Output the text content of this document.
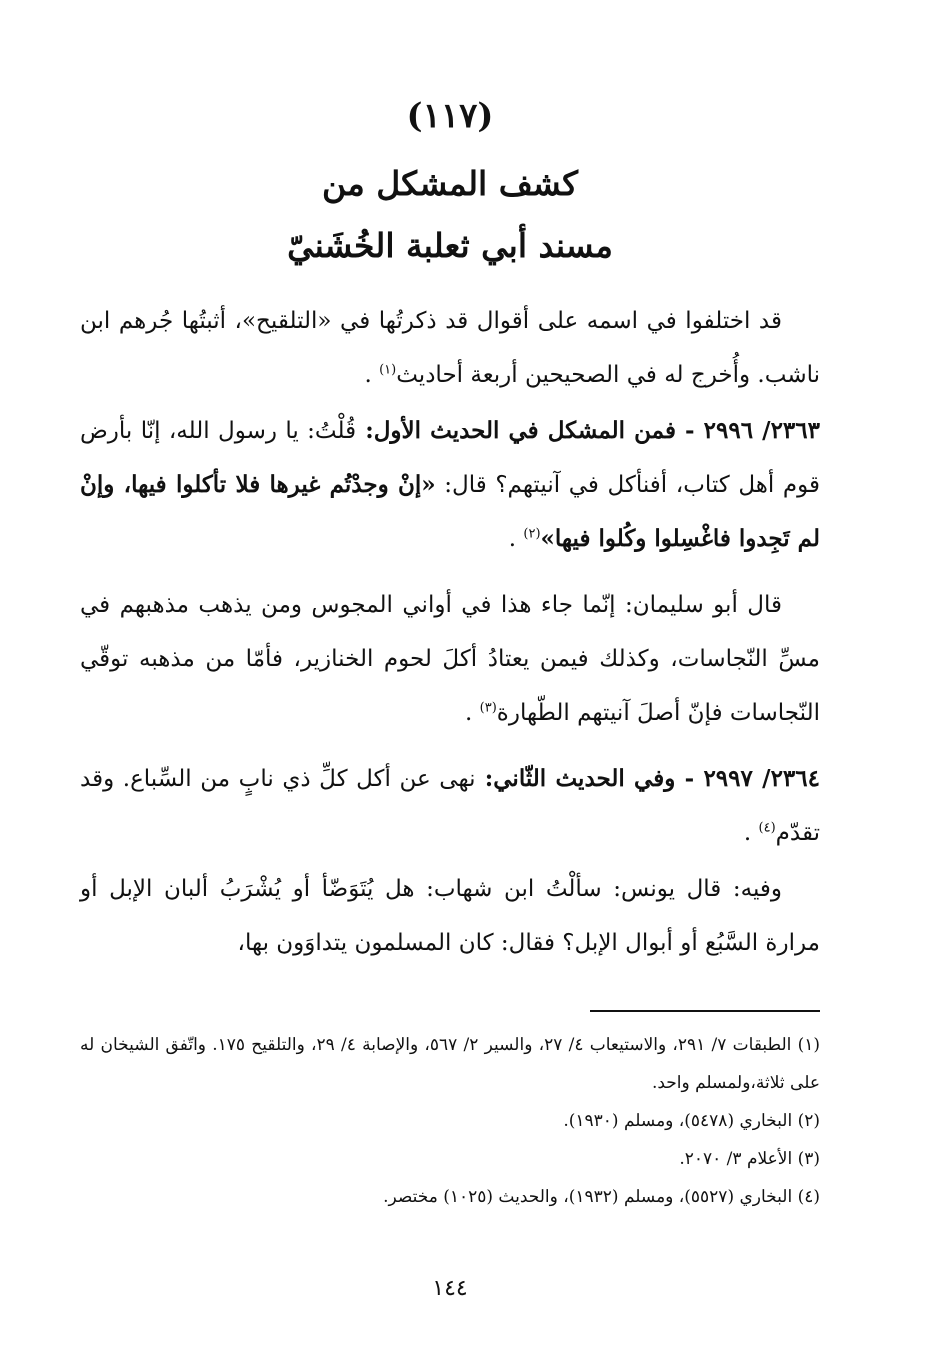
(١١٧)
كشف المشكل من
مسند أبي ثعلبة الخُشَنيّ

قد اختلفوا في اسمه على أقوال قد ذكرتُها في «التلقيح»، أثبتُها جُرهم ابن ناشب. وأُخرج له في الصحيحين أربعة أحاديث$^{(١)}$ .

٢٣٦٣/ ٢٩٩٦ - فمن المشكل في الحديث الأول: قُلْتُ: يا رسول الله، إنّا بأرض قوم أهل كتاب، أفنأكل في آنيتهم؟ قال: «إنْ وجدْتُم غيرها فلا تأكلوا فيها، وإنْ لم تَجِدوا فاغْسِلوا وكُلوا فيها»$^{(٢)}$ .

قال أبو سليمان: إنّما جاء هذا في أواني المجوس ومن يذهب مذهبهم في مسِّ النّجاسات، وكذلك فيمن يعتادُ أكلَ لحوم الخنازير، فأمّا من مذهبه توقّي النّجاسات فإنّ أصلَ آنيتهم الطّهارة$^{(٣)}$ .

٢٣٦٤/ ٢٩٩٧ - وفي الحديث الثّاني: نهى عن أكل كلِّ ذي نابٍ من السِّباع. وقد تقدّم$^{(٤)}$ .

وفيه: قال يونس: سألْتُ ابن شهاب: هل يُتَوَضّأ أو يُشْرَبُ ألبان الإبل أو مرارة السَّبُع أو أبوال الإبل؟ فقال: كان المسلمون يتداوَون بها،

(١) الطبقات ٧/ ٢٩١، والاستيعاب ٤/ ٢٧، والسير ٢/ ٥٦٧، والإصابة ٤/ ٢٩، والتلقيح ١٧٥. واتّفق الشيخان له على ثلاثة،ولمسلم واحد.

(٢) البخاري (٥٤٧٨)، ومسلم (١٩٣٠).

(٣) الأعلام ٣/ ٢٠٧٠.

(٤) البخاري (٥٥٢٧)، ومسلم (١٩٣٢)، والحديث (١٠٢٥) مختصر.

١٤٤
